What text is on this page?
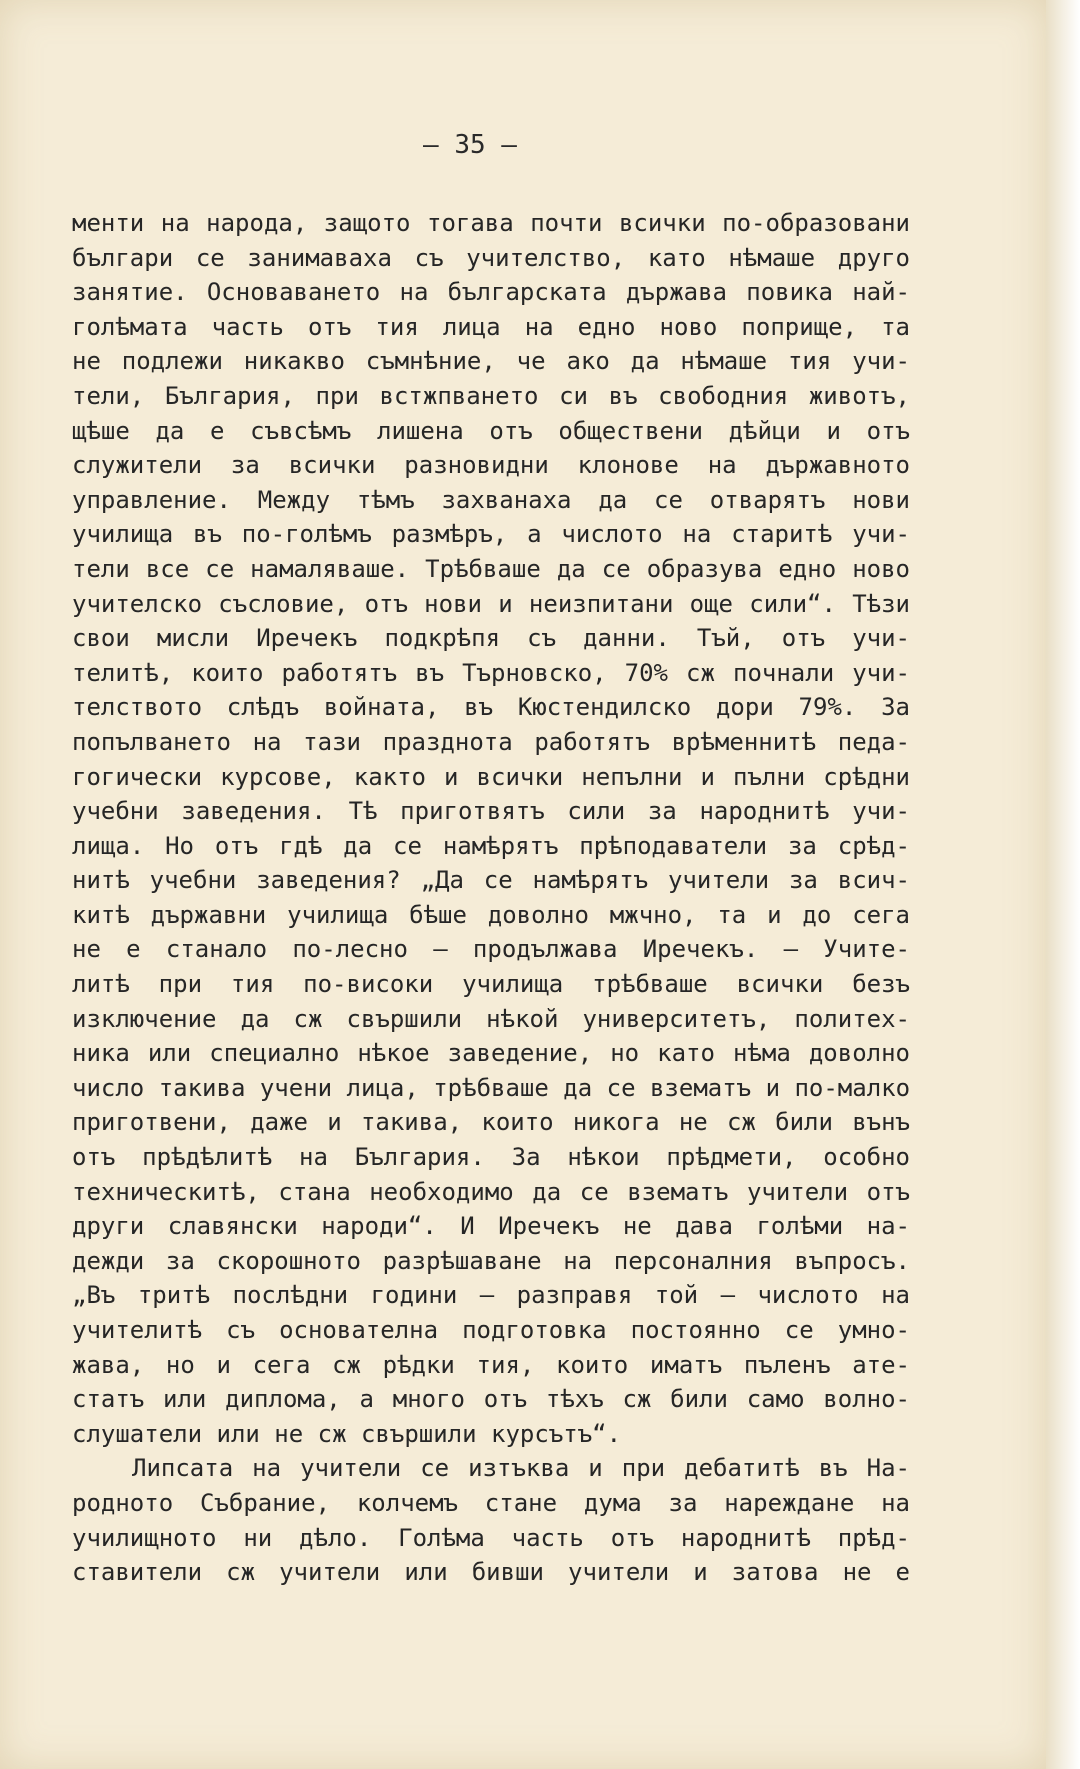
— 35 —
менти на народа, защото тогава почти всички по-образовани
българи се занимаваха съ учителство, като нѣмаше друго
занятие. Основаването на българската държава повика най-
голѣмата часть отъ тия лица на едно ново поприще, та
не подлежи никакво съмнѣние, че ако да нѣмаше тия учи-
тели, България, при встжпването си въ свободния животъ,
щѣше да е съвсѣмъ лишена отъ обществени дѣйци и отъ
служители за всички разновидни клонове на държавното
управление. Между тѣмъ захванаха да се отварятъ нови
училища въ по-голѣмъ размѣръ, а числото на старитѣ учи-
тели все се намаляваше. Трѣбваше да се образува едно ново
учителско съсловие, отъ нови и неизпитани още сили“. Тѣзи
свои мисли Иречекъ подкрѣпя съ данни. Тъй, отъ учи-
телитѣ, които работятъ въ Търновско, 70% сж почнали учи-
телството слѣдъ войната, въ Кюстендилско дори 79%. За
попълването на тази празднота работятъ врѣменнитѣ педа-
гогически курсове, както и всички непълни и пълни срѣдни
учебни заведения. Тѣ приготвятъ сили за народнитѣ учи-
лища. Но отъ гдѣ да се намѣрятъ прѣподаватели за срѣд-
нитѣ учебни заведения? „Да се намѣрятъ учители за всич-
китѣ държавни училища бѣше доволно мжчно, та и до сега
не е станало по-лесно — продължава Иречекъ. — Учите-
литѣ при тия по-високи училища трѣбваше всички безъ
изключение да сж свършили нѣкой университетъ, политех-
ника или специално нѣкое заведение, но като нѣма доволно
число такива учени лица, трѣбваше да се взематъ и по-малко
приготвени, даже и такива, които никога не сж били вънъ
отъ прѣдѣлитѣ на България. За нѣкои прѣдмети, особно
техническитѣ, стана необходимо да се взематъ учители отъ
други славянски народи“. И Иречекъ не дава голѣми на-
дежди за скорошното разрѣшаване на персоналния въпросъ.
„Въ тритѣ послѣдни години — разправя той — числото на
учителитѣ съ основателна подготовка постоянно се умно-
жава, но и сега сж рѣдки тия, които иматъ пъленъ ате-
статъ или диплома, а много отъ тѣхъ сж били само волно-
слушатели или не сж свършили курсътъ“.
Липсата на учители се изтъква и при дебатитѣ въ На-
родното Събрание, колчемъ стане дума за нареждане на
училищното ни дѣло. Голѣма часть отъ народнитѣ прѣд-
ставители сж учители или бивши учители и затова не е
